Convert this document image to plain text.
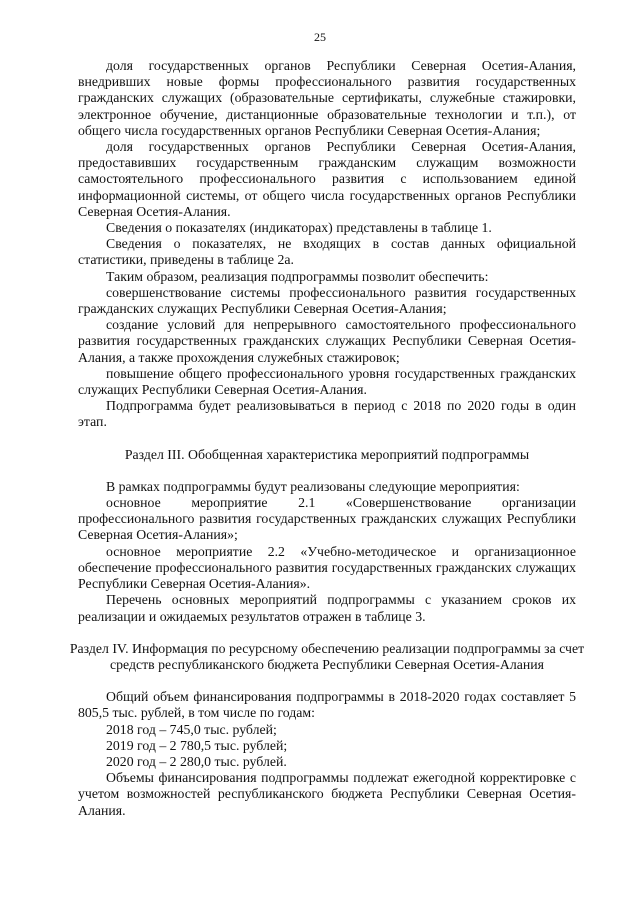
25

доля государственных органов Республики Северная Осетия-Алания, внедривших новые формы профессионального развития государственных гражданских служащих (образовательные сертификаты, служебные стажировки, электронное обучение, дистанционные образовательные технологии и т.п.), от общего числа государственных органов Республики Северная Осетия-Алания;

доля государственных органов Республики Северная Осетия-Алания, предоставивших государственным гражданским служащим возможности самостоятельного профессионального развития с использованием единой информационной системы, от общего числа государственных органов Республики Северная Осетия-Алания.

Сведения о показателях (индикаторах) представлены в таблице 1.

Сведения о показателях, не входящих в состав данных официальной статистики, приведены в таблице 2а.

Таким образом, реализация подпрограммы позволит обеспечить:

совершенствование системы профессионального развития государственных гражданских служащих Республики Северная Осетия-Алания;

создание условий для непрерывного самостоятельного профессионального развития государственных гражданских служащих Республики Северная Осетия-Алания, а также прохождения служебных стажировок;

повышение общего профессионального уровня государственных гражданских служащих Республики Северная Осетия-Алания.

Подпрограмма будет реализовываться в период с 2018 по 2020 годы в один этап.

Раздел III. Обобщенная характеристика мероприятий подпрограммы

В рамках подпрограммы будут реализованы следующие мероприятия:

основное мероприятие 2.1 «Совершенствование организации профессионального развития государственных гражданских служащих Республики Северная Осетия-Алания»;

основное мероприятие 2.2 «Учебно-методическое и организационное обеспечение профессионального развития государственных гражданских служащих Республики Северная Осетия-Алания».

Перечень основных мероприятий подпрограммы с указанием сроков их реализации и ожидаемых результатов отражен в таблице 3.

Раздел IV. Информация по ресурсному обеспечению реализации подпрограммы за счет средств республиканского бюджета Республики Северная Осетия-Алания

Общий объем финансирования подпрограммы в 2018-2020 годах составляет 5 805,5 тыс. рублей, в том числе по годам:

2018 год – 745,0 тыс. рублей;

2019 год – 2 780,5 тыс. рублей;

2020 год – 2 280,0 тыс. рублей.

Объемы финансирования подпрограммы подлежат ежегодной корректировке с учетом возможностей республиканского бюджета Республики Северная Осетия-Алания.
